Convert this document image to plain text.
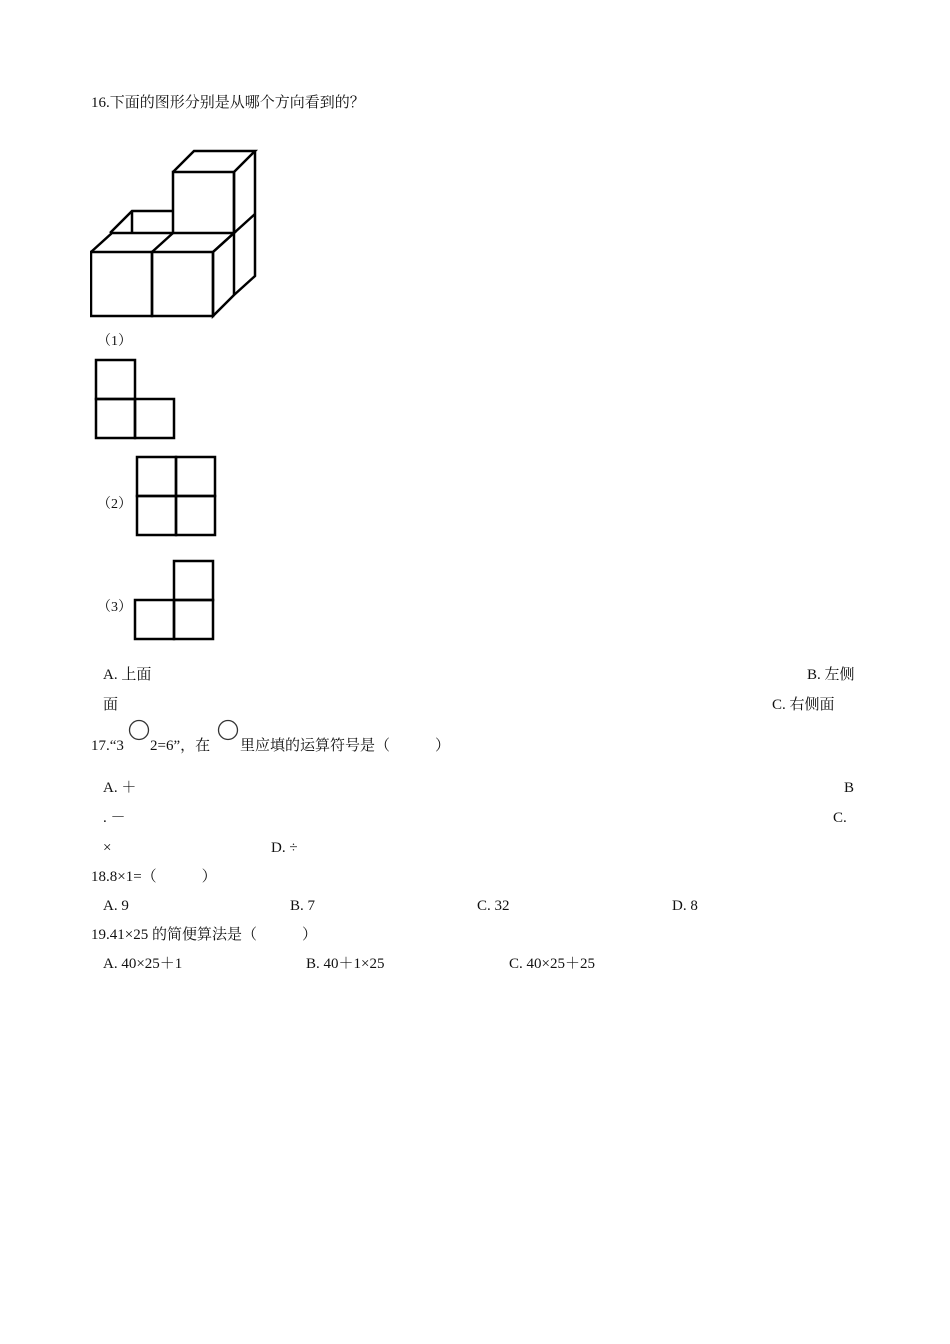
16.下面的图形分别是从哪个方向看到的？
（1）
（2）
（3）
A. 上面	B. 左侧
面	C. 右侧面
17.“3 2=6”，在 里应填的运算符号是（　　　）
A. ＋	B
. －	C.
×	D. ÷
18.8×1=（　　　）
A. 9	B. 7	C. 32	D. 8
19.41×25 的简便算法是（　　　）
A. 40×25＋1	B. 40＋1×25	C. 40×25＋25
